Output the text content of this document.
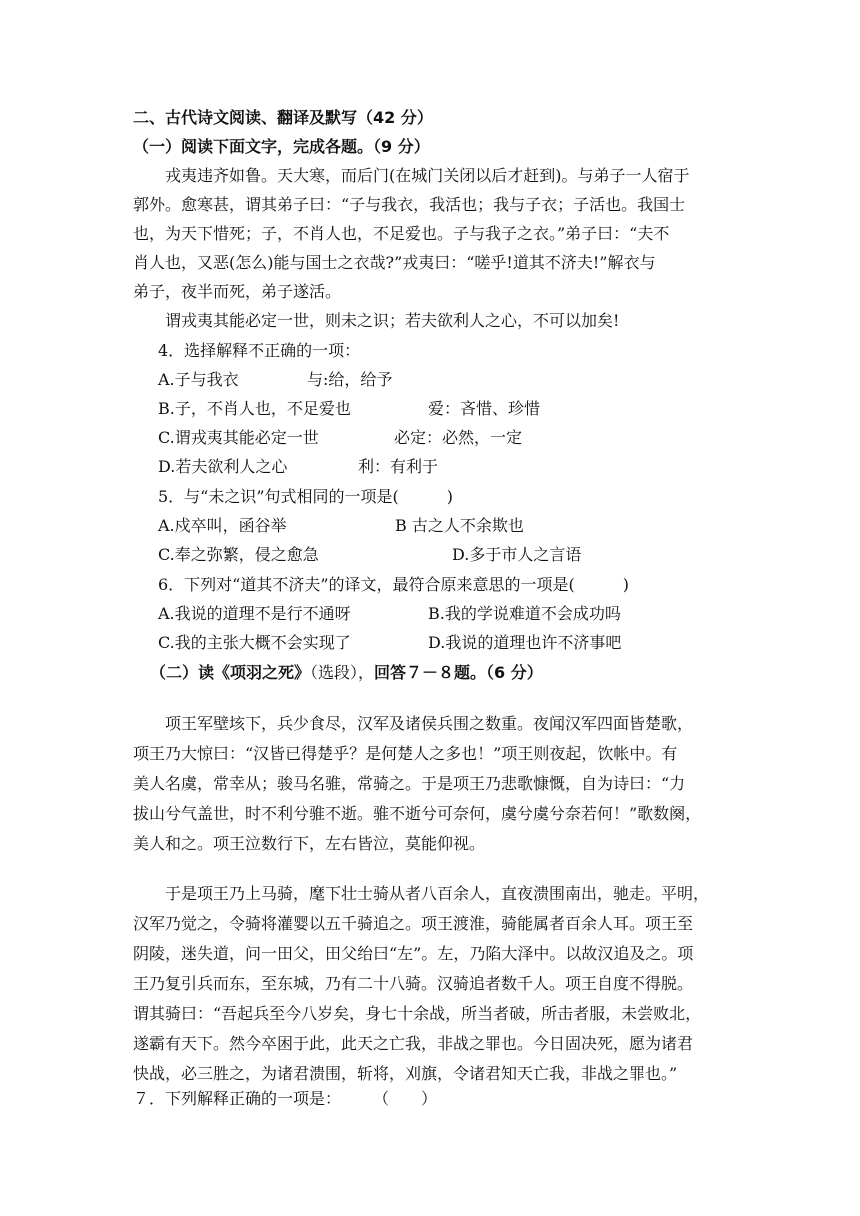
二、古代诗文阅读、翻译及默写（42 分）
（一）阅读下面文字，完成各题。（9 分）
戎夷违齐如鲁。天大寒，而后门(在城门关闭以后才赶到)。与弟子一人宿于
郭外。愈寒甚，谓其弟子曰：“子与我衣，我活也；我与子衣；子活也。我国士
也，为天下惜死；子，不肖人也，不足爱也。子与我子之衣。”弟子曰：“夫不
肖人也，又恶(怎么)能与国士之衣哉?”戎夷曰：“嗟乎!道其不济夫!”解衣与
弟子，夜半而死，弟子遂活。
谓戎夷其能必定一世，则未之识；若夫欲利人之心，不可以加矣!
4．选择解释不正确的一项：
A.子与我衣	与:给，给予
B.子，不肖人也，不足爱也	爱：吝惜、珍惜
C.谓戎夷其能必定一世	必定：必然，一定
D.若夫欲利人之心	利：有利于
5．与“未之识”句式相同的一项是(　　　)
A.戍卒叫，函谷举	B 古之人不余欺也
C.奉之弥繁，侵之愈急	D.多于市人之言语
6．下列对“道其不济夫”的译文，最符合原来意思的一项是(　　　)
A.我说的道理不是行不通呀	B.我的学说难道不会成功吗
C.我的主张大概不会实现了	D.我说的道理也许不济事吧
（二）读《项羽之死》（选段），回答７－８题。（6 分）
项王军壁垓下，兵少食尽，汉军及诸侯兵围之数重。夜闻汉军四面皆楚歌，
项王乃大惊曰：“汉皆已得楚乎？是何楚人之多也！”项王则夜起，饮帐中。有
美人名虞，常幸从；骏马名骓，常骑之。于是项王乃悲歌慷慨，自为诗曰：“力
拔山兮气盖世，时不利兮骓不逝。骓不逝兮可奈何，虞兮虞兮奈若何！”歌数阕，
美人和之。项王泣数行下，左右皆泣，莫能仰视。
于是项王乃上马骑，麾下壮士骑从者八百余人，直夜溃围南出，驰走。平明，
汉军乃觉之，令骑将灌婴以五千骑追之。项王渡淮，骑能属者百余人耳。项王至
阴陵，迷失道，问一田父，田父绐曰“左”。左，乃陷大泽中。以故汉追及之。项
王乃复引兵而东，至东城，乃有二十八骑。汉骑追者数千人。项王自度不得脱。
谓其骑曰：“吾起兵至今八岁矣，身七十余战，所当者破，所击者服，未尝败北，
遂霸有天下。然今卒困于此，此天之亡我，非战之罪也。今日固决死，愿为诸君
快战，必三胜之，为诸君溃围，斩将，刈旗，令诸君知天亡我，非战之罪也。”
７．下列解释正确的一项是：　　　（　　）
